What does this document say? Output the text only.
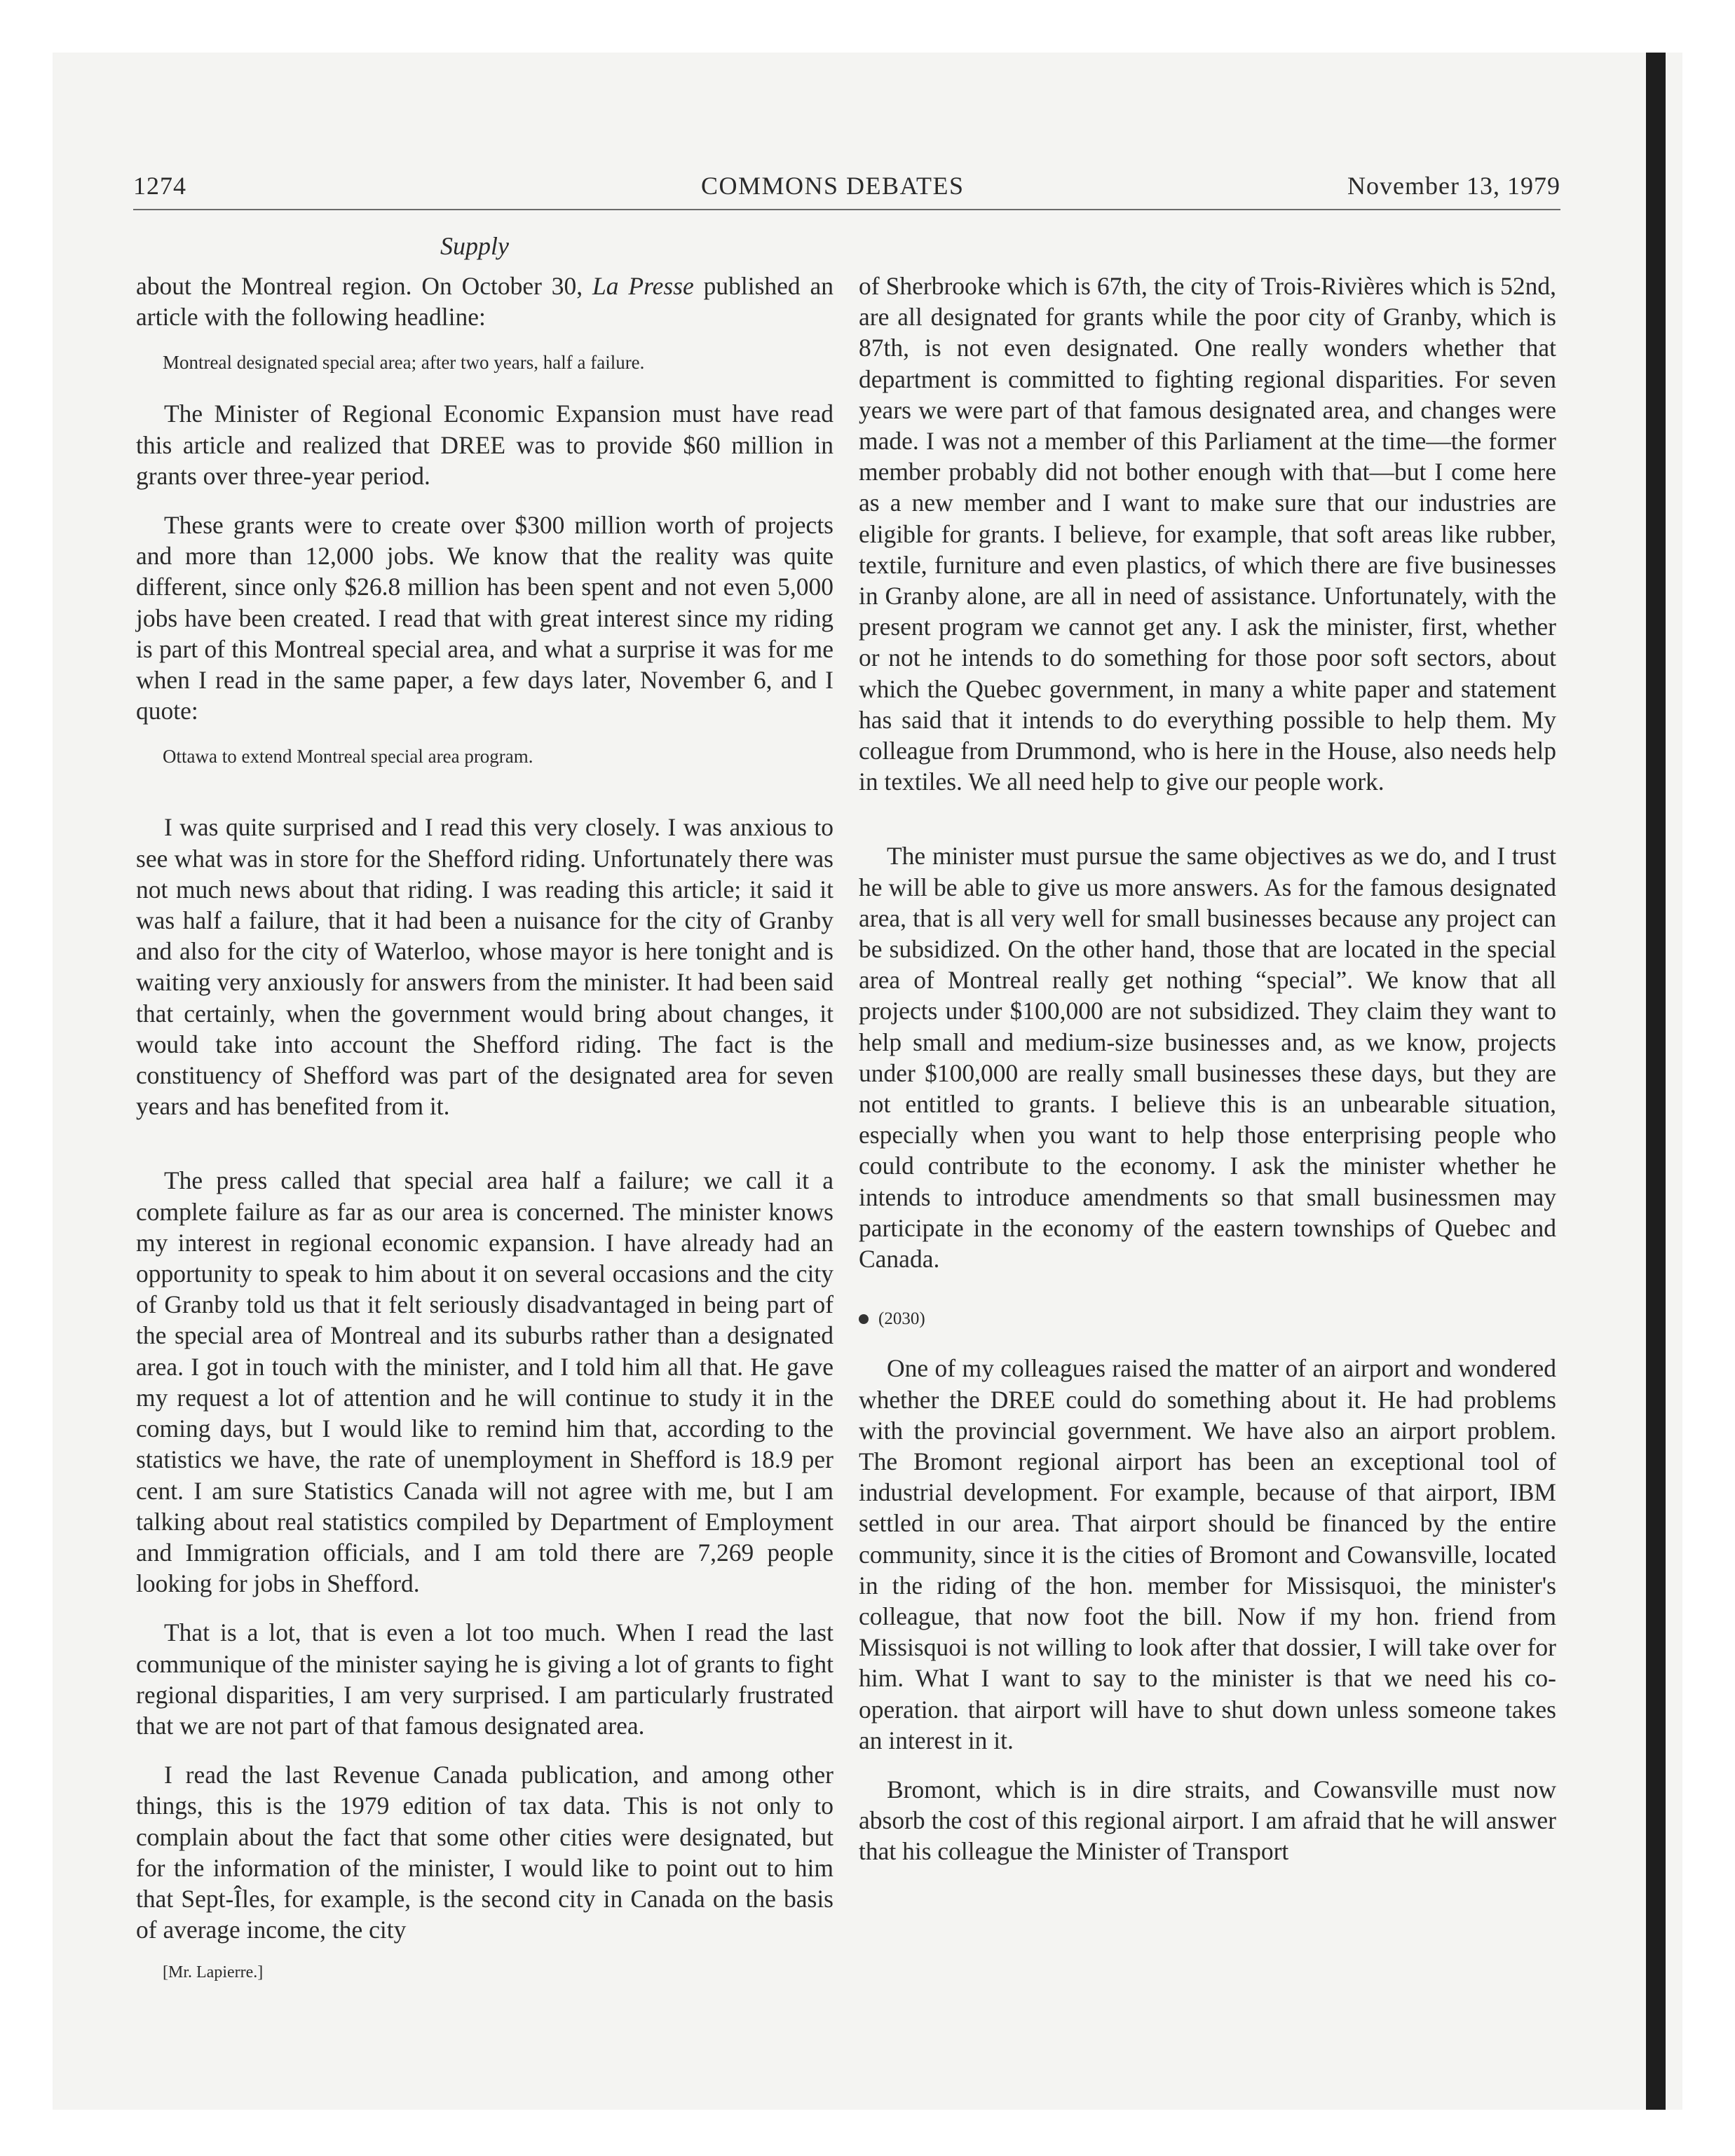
1274	COMMONS DEBATES	November 13, 1979
Supply

about the Montreal region. On October 30, La Presse published an article with the following headline:

Montreal designated special area; after two years, half a failure.

The Minister of Regional Economic Expansion must have read this article and realized that DREE was to provide $60 million in grants over three-year period.

These grants were to create over $300 million worth of projects and more than 12,000 jobs. We know that the reality was quite different, since only $26.8 million has been spent and not even 5,000 jobs have been created. I read that with great interest since my riding is part of this Montreal special area, and what a surprise it was for me when I read in the same paper, a few days later, November 6, and I quote:

Ottawa to extend Montreal special area program.

I was quite surprised and I read this very closely. I was anxious to see what was in store for the Shefford riding. Unfortunately there was not much news about that riding. I was reading this article; it said it was half a failure, that it had been a nuisance for the city of Granby and also for the city of Waterloo, whose mayor is here tonight and is waiting very anxiously for answers from the minister. It had been said that certainly, when the government would bring about changes, it would take into account the Shefford riding. The fact is the constituency of Shefford was part of the designated area for seven years and has benefited from it.

The press called that special area half a failure; we call it a complete failure as far as our area is concerned. The minister knows my interest in regional economic expansion. I have already had an opportunity to speak to him about it on several occasions and the city of Granby told us that it felt seriously disadvantaged in being part of the special area of Montreal and its suburbs rather than a designated area. I got in touch with the minister, and I told him all that. He gave my request a lot of attention and he will continue to study it in the coming days, but I would like to remind him that, according to the statistics we have, the rate of unemployment in Shefford is 18.9 per cent. I am sure Statistics Canada will not agree with me, but I am talking about real statistics compiled by Department of Employment and Immigration officials, and I am told there are 7,269 people looking for jobs in Shefford.

That is a lot, that is even a lot too much. When I read the last communique of the minister saying he is giving a lot of grants to fight regional disparities, I am very surprised. I am particularly frustrated that we are not part of that famous designated area.

I read the last Revenue Canada publication, and among other things, this is the 1979 edition of tax data. This is not only to complain about the fact that some other cities were designated, but for the information of the minister, I would like to point out to him that Sept-Îles, for example, is the second city in Canada on the basis of average income, the city

[Mr. Lapierre.]

of Sherbrooke which is 67th, the city of Trois-Rivières which is 52nd, are all designated for grants while the poor city of Granby, which is 87th, is not even designated. One really wonders whether that department is committed to fighting regional disparities. For seven years we were part of that famous designated area, and changes were made. I was not a member of this Parliament at the time—the former member probably did not bother enough with that—but I come here as a new member and I want to make sure that our industries are eligible for grants. I believe, for example, that soft areas like rubber, textile, furniture and even plastics, of which there are five businesses in Granby alone, are all in need of assistance. Unfortunately, with the present program we cannot get any. I ask the minister, first, whether or not he intends to do something for those poor soft sectors, about which the Quebec government, in many a white paper and statement has said that it intends to do everything possible to help them. My colleague from Drummond, who is here in the House, also needs help in textiles. We all need help to give our people work.

The minister must pursue the same objectives as we do, and I trust he will be able to give us more answers. As for the famous designated area, that is all very well for small businesses because any project can be subsidized. On the other hand, those that are located in the special area of Montreal really get nothing “special”. We know that all projects under $100,000 are not subsidized. They claim they want to help small and medium-size businesses and, as we know, projects under $100,000 are really small businesses these days, but they are not entitled to grants. I believe this is an unbearable situation, especially when you want to help those enterprising people who could contribute to the economy. I ask the minister whether he intends to introduce amendments so that small businessmen may participate in the economy of the eastern townships of Quebec and Canada.

(2030)

One of my colleagues raised the matter of an airport and wondered whether the DREE could do something about it. He had problems with the provincial government. We have also an airport problem. The Bromont regional airport has been an exceptional tool of industrial development. For example, because of that airport, IBM settled in our area. That airport should be financed by the entire community, since it is the cities of Bromont and Cowansville, located in the riding of the hon. member for Missisquoi, the minister's colleague, that now foot the bill. Now if my hon. friend from Missisquoi is not willing to look after that dossier, I will take over for him. What I want to say to the minister is that we need his co-operation. that airport will have to shut down unless someone takes an interest in it.

Bromont, which is in dire straits, and Cowansville must now absorb the cost of this regional airport. I am afraid that he will answer that his colleague the Minister of Transport
